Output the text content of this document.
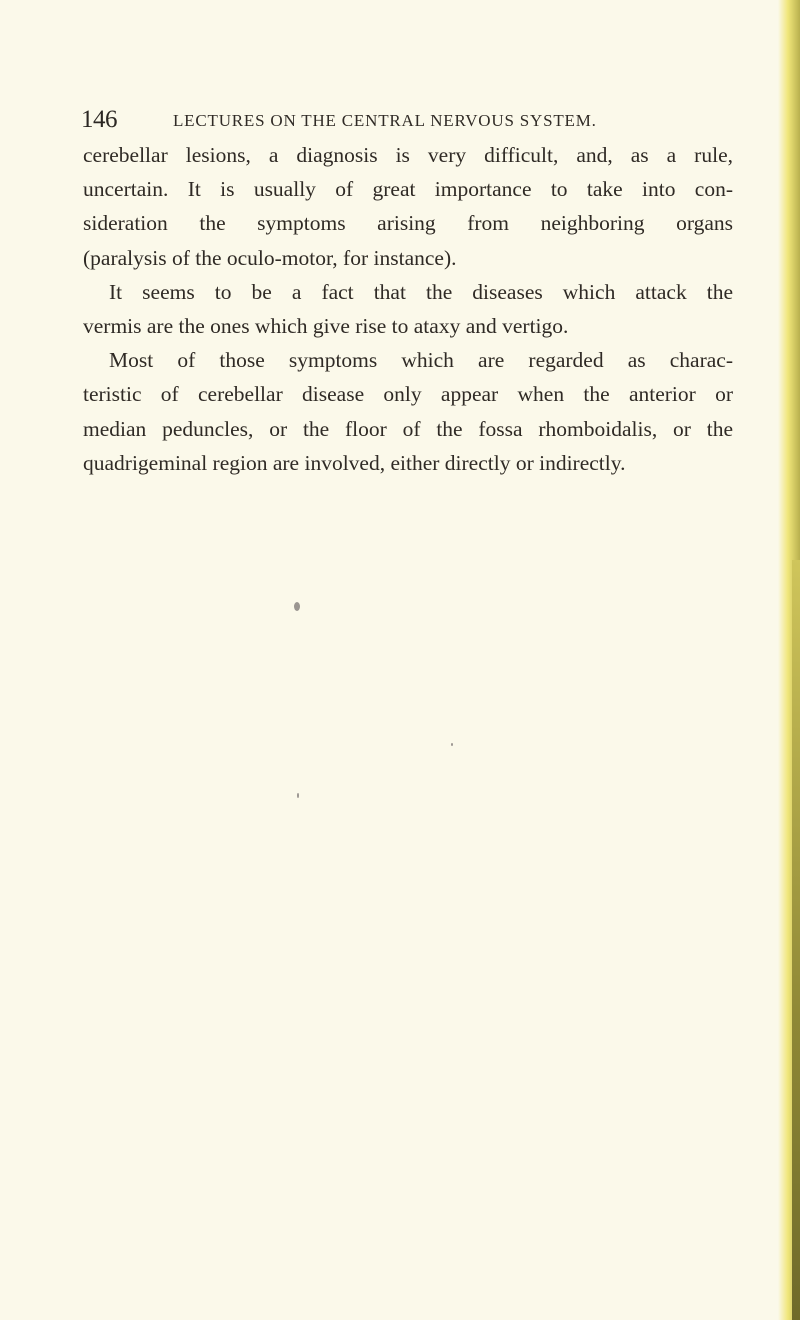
146	LECTURES ON THE CENTRAL NERVOUS SYSTEM.
cerebellar lesions, a diagnosis is very difficult, and, as a rule,
uncertain. It is usually of great importance to take into con-
sideration the symptoms arising from neighboring organs
(paralysis of the oculo-motor, for instance).
It seems to be a fact that the diseases which attack the
vermis are the ones which give rise to ataxy and vertigo.
Most of those symptoms which are regarded as charac-
teristic of cerebellar disease only appear when the anterior or
median peduncles, or the floor of the fossa rhomboidalis, or the
quadrigeminal region are involved, either directly or indirectly.
